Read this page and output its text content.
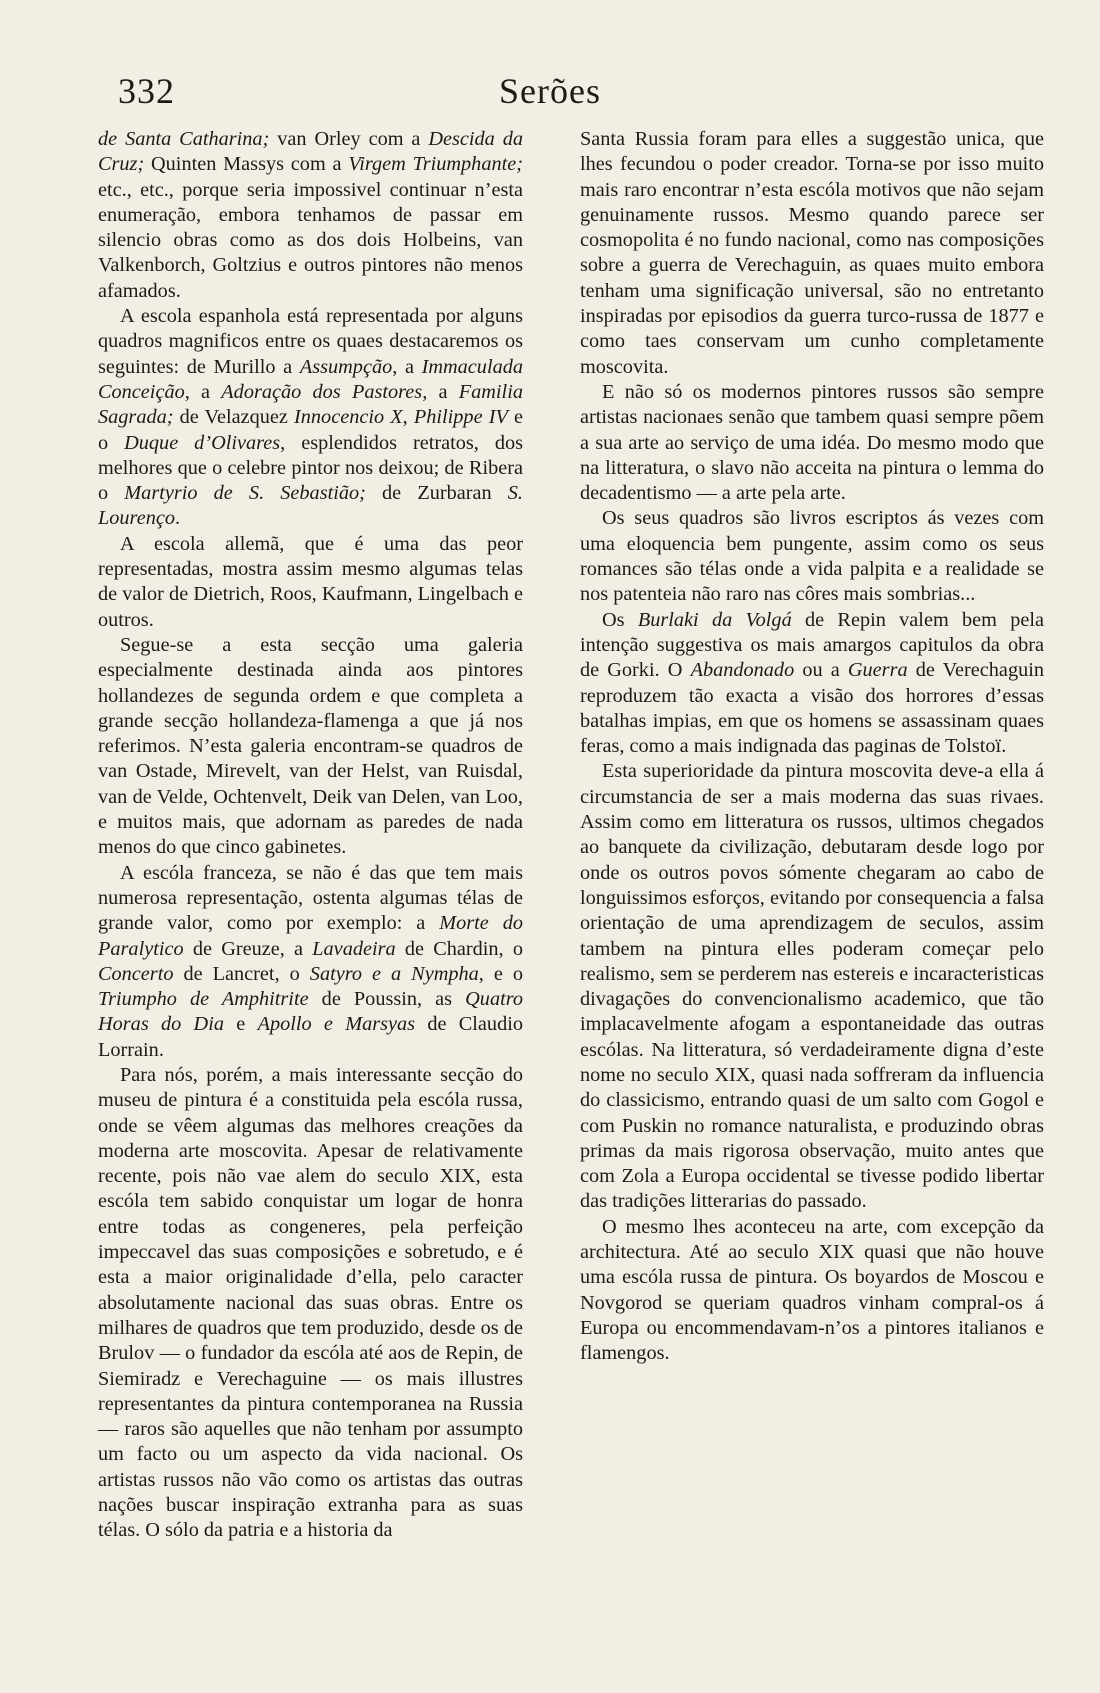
332	Serões

de Santa Catharina; van Orley com a Descida da Cruz; Quinten Massys com a Virgem Triumphante; etc., etc., porque seria impossivel continuar n’esta enumeração, embora tenhamos de passar em silencio obras como as dos dois Holbeins, van Valkenborch, Goltzius e outros pintores não menos afamados.

A escola espanhola está representada por alguns quadros magnificos entre os quaes destacaremos os seguintes: de Murillo a Assumpção, a Immaculada Conceição, a Adoração dos Pastores, a Familia Sagrada; de Velazquez Innocencio X, Philippe IV e o Duque d’Olivares, esplendidos retratos, dos melhores que o celebre pintor nos deixou; de Ribera o Martyrio de S. Sebastião; de Zurbaran S. Lourenço.

A escola allemã, que é uma das peor representadas, mostra assim mesmo algumas telas de valor de Dietrich, Roos, Kaufmann, Lingelbach e outros.

Segue-se a esta secção uma galeria especialmente destinada ainda aos pintores hollandezes de segunda ordem e que completa a grande secção hollandeza-flamenga a que já nos referimos. N’esta galeria encontram-se quadros de van Ostade, Mirevelt, van der Helst, van Ruisdal, van de Velde, Ochtenvelt, Deik van Delen, van Loo, e muitos mais, que adornam as paredes de nada menos do que cinco gabinetes.

A escóla franceza, se não é das que tem mais numerosa representação, ostenta algumas télas de grande valor, como por exemplo: a Morte do Paralytico de Greuze, a Lavadeira de Chardin, o Concerto de Lancret, o Satyro e a Nympha, e o Triumpho de Amphitrite de Poussin, as Quatro Horas do Dia e Apollo e Marsyas de Claudio Lorrain.

Para nós, porém, a mais interessante secção do museu de pintura é a constituida pela escóla russa, onde se vêem algumas das melhores creações da moderna arte moscovita. Apesar de relativamente recente, pois não vae alem do seculo XIX, esta escóla tem sabido conquistar um logar de honra entre todas as congeneres, pela perfeição impeccavel das suas composições e sobretudo, e é esta a maior originalidade d’ella, pelo caracter absolutamente nacional das suas obras. Entre os milhares de quadros que tem produzido, desde os de Brulov — o fundador da escóla até aos de Repin, de Siemiradz e Verechaguine — os mais illustres representantes da pintura contemporanea na Russia — raros são aquelles que não tenham por assumpto um facto ou um aspecto da vida nacional. Os artistas russos não vão como os artistas das outras nações buscar inspiração extranha para as suas télas. O sólo da patria e a historia da

Santa Russia foram para elles a suggestão unica, que lhes fecundou o poder creador. Torna-se por isso muito mais raro encontrar n’esta escóla motivos que não sejam genuinamente russos. Mesmo quando parece ser cosmopolita é no fundo nacional, como nas composições sobre a guerra de Verechaguin, as quaes muito embora tenham uma significação universal, são no entretanto inspiradas por episodios da guerra turco-russa de 1877 e como taes conservam um cunho completamente moscovita.

E não só os modernos pintores russos são sempre artistas nacionaes senão que tambem quasi sempre põem a sua arte ao serviço de uma idéa. Do mesmo modo que na litteratura, o slavo não acceita na pintura o lemma do decadentismo — a arte pela arte.

Os seus quadros são livros escriptos ás vezes com uma eloquencia bem pungente, assim como os seus romances são télas onde a vida palpita e a realidade se nos patenteia não raro nas côres mais sombrias...

Os Burlaki da Volgá de Repin valem bem pela intenção suggestiva os mais amargos capitulos da obra de Gorki. O Abandonado ou a Guerra de Verechaguin reproduzem tão exacta a visão dos horrores d’essas batalhas impias, em que os homens se assassinam quaes feras, como a mais indignada das paginas de Tolstoï.

Esta superioridade da pintura moscovita deve-a ella á circumstancia de ser a mais moderna das suas rivaes. Assim como em litteratura os russos, ultimos chegados ao banquete da civilização, debutaram desde logo por onde os outros povos sómente chegaram ao cabo de longuissimos esforços, evitando por consequencia a falsa orientação de uma aprendizagem de seculos, assim tambem na pintura elles poderam começar pelo realismo, sem se perderem nas estereis e incaracteristicas divagações do convencionalismo academico, que tão implacavelmente afogam a espontaneidade das outras escólas. Na litteratura, só verdadeiramente digna d’este nome no seculo XIX, quasi nada soffreram da influencia do classicismo, entrando quasi de um salto com Gogol e com Puskin no romance naturalista, e produzindo obras primas da mais rigorosa observação, muito antes que com Zola a Europa occidental se tivesse podido libertar das tradições litterarias do passado.

O mesmo lhes aconteceu na arte, com excepção da architectura. Até ao seculo XIX quasi que não houve uma escóla russa de pintura. Os boyardos de Moscou e Novgorod se queriam quadros vinham compral-os á Europa ou encommendavam-n’os a pintores italianos e flamengos.
